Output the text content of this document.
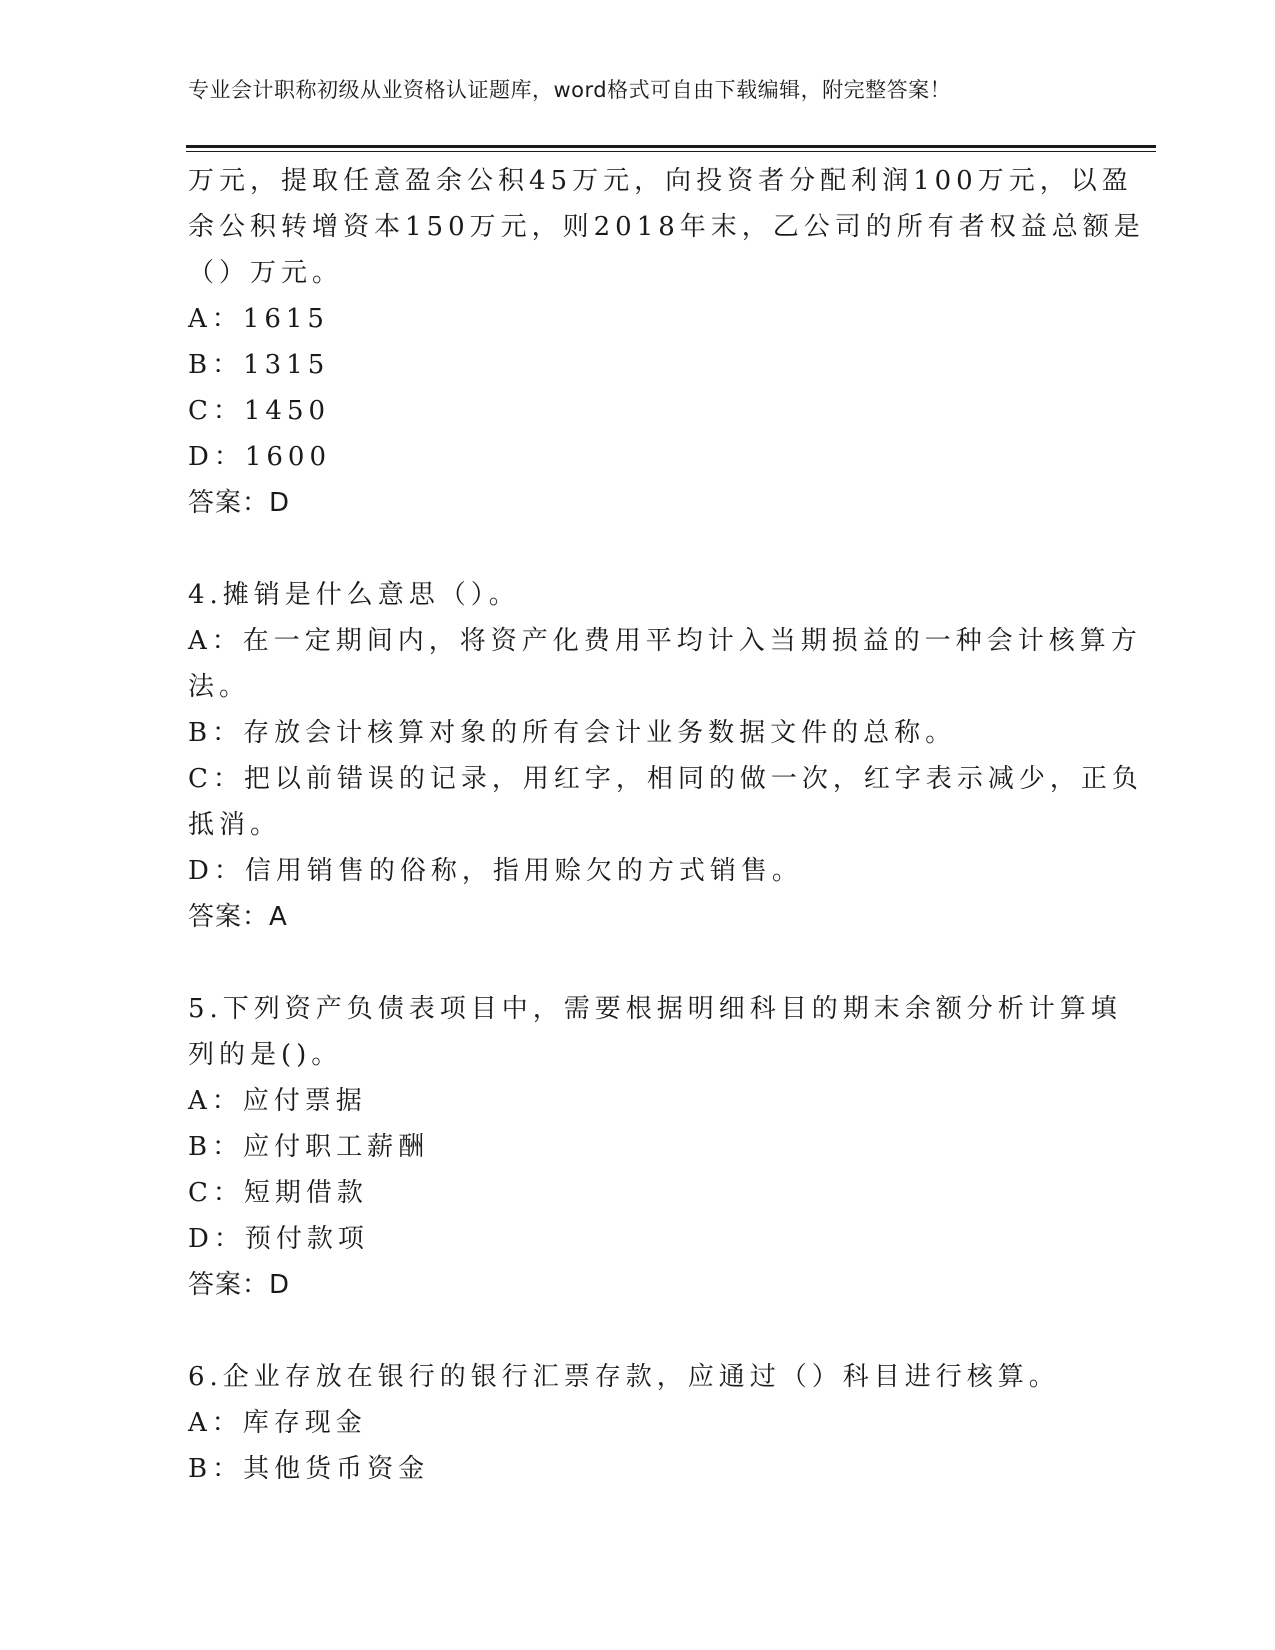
专业会计职称初级从业资格认证题库，word格式可自由下载编辑，附完整答案！
万元，提取任意盈余公积45万元，向投资者分配利润100万元，以盈
余公积转增资本150万元，则2018年末，乙公司的所有者权益总额是
（）万元。
A：1615
B：1315
C：1450
D：1600
答案：D
4.摊销是什么意思（）。
A：在一定期间内，将资产化费用平均计入当期损益的一种会计核算方
法。
B：存放会计核算对象的所有会计业务数据文件的总称。
C：把以前错误的记录，用红字，相同的做一次，红字表示减少，正负
抵消。
D：信用销售的俗称，指用赊欠的方式销售。
答案：A
5.下列资产负债表项目中，需要根据明细科目的期末余额分析计算填
列的是()。
A：应付票据
B：应付职工薪酬
C：短期借款
D：预付款项
答案：D
6.企业存放在银行的银行汇票存款，应通过（）科目进行核算。
A：库存现金
B：其他货币资金
